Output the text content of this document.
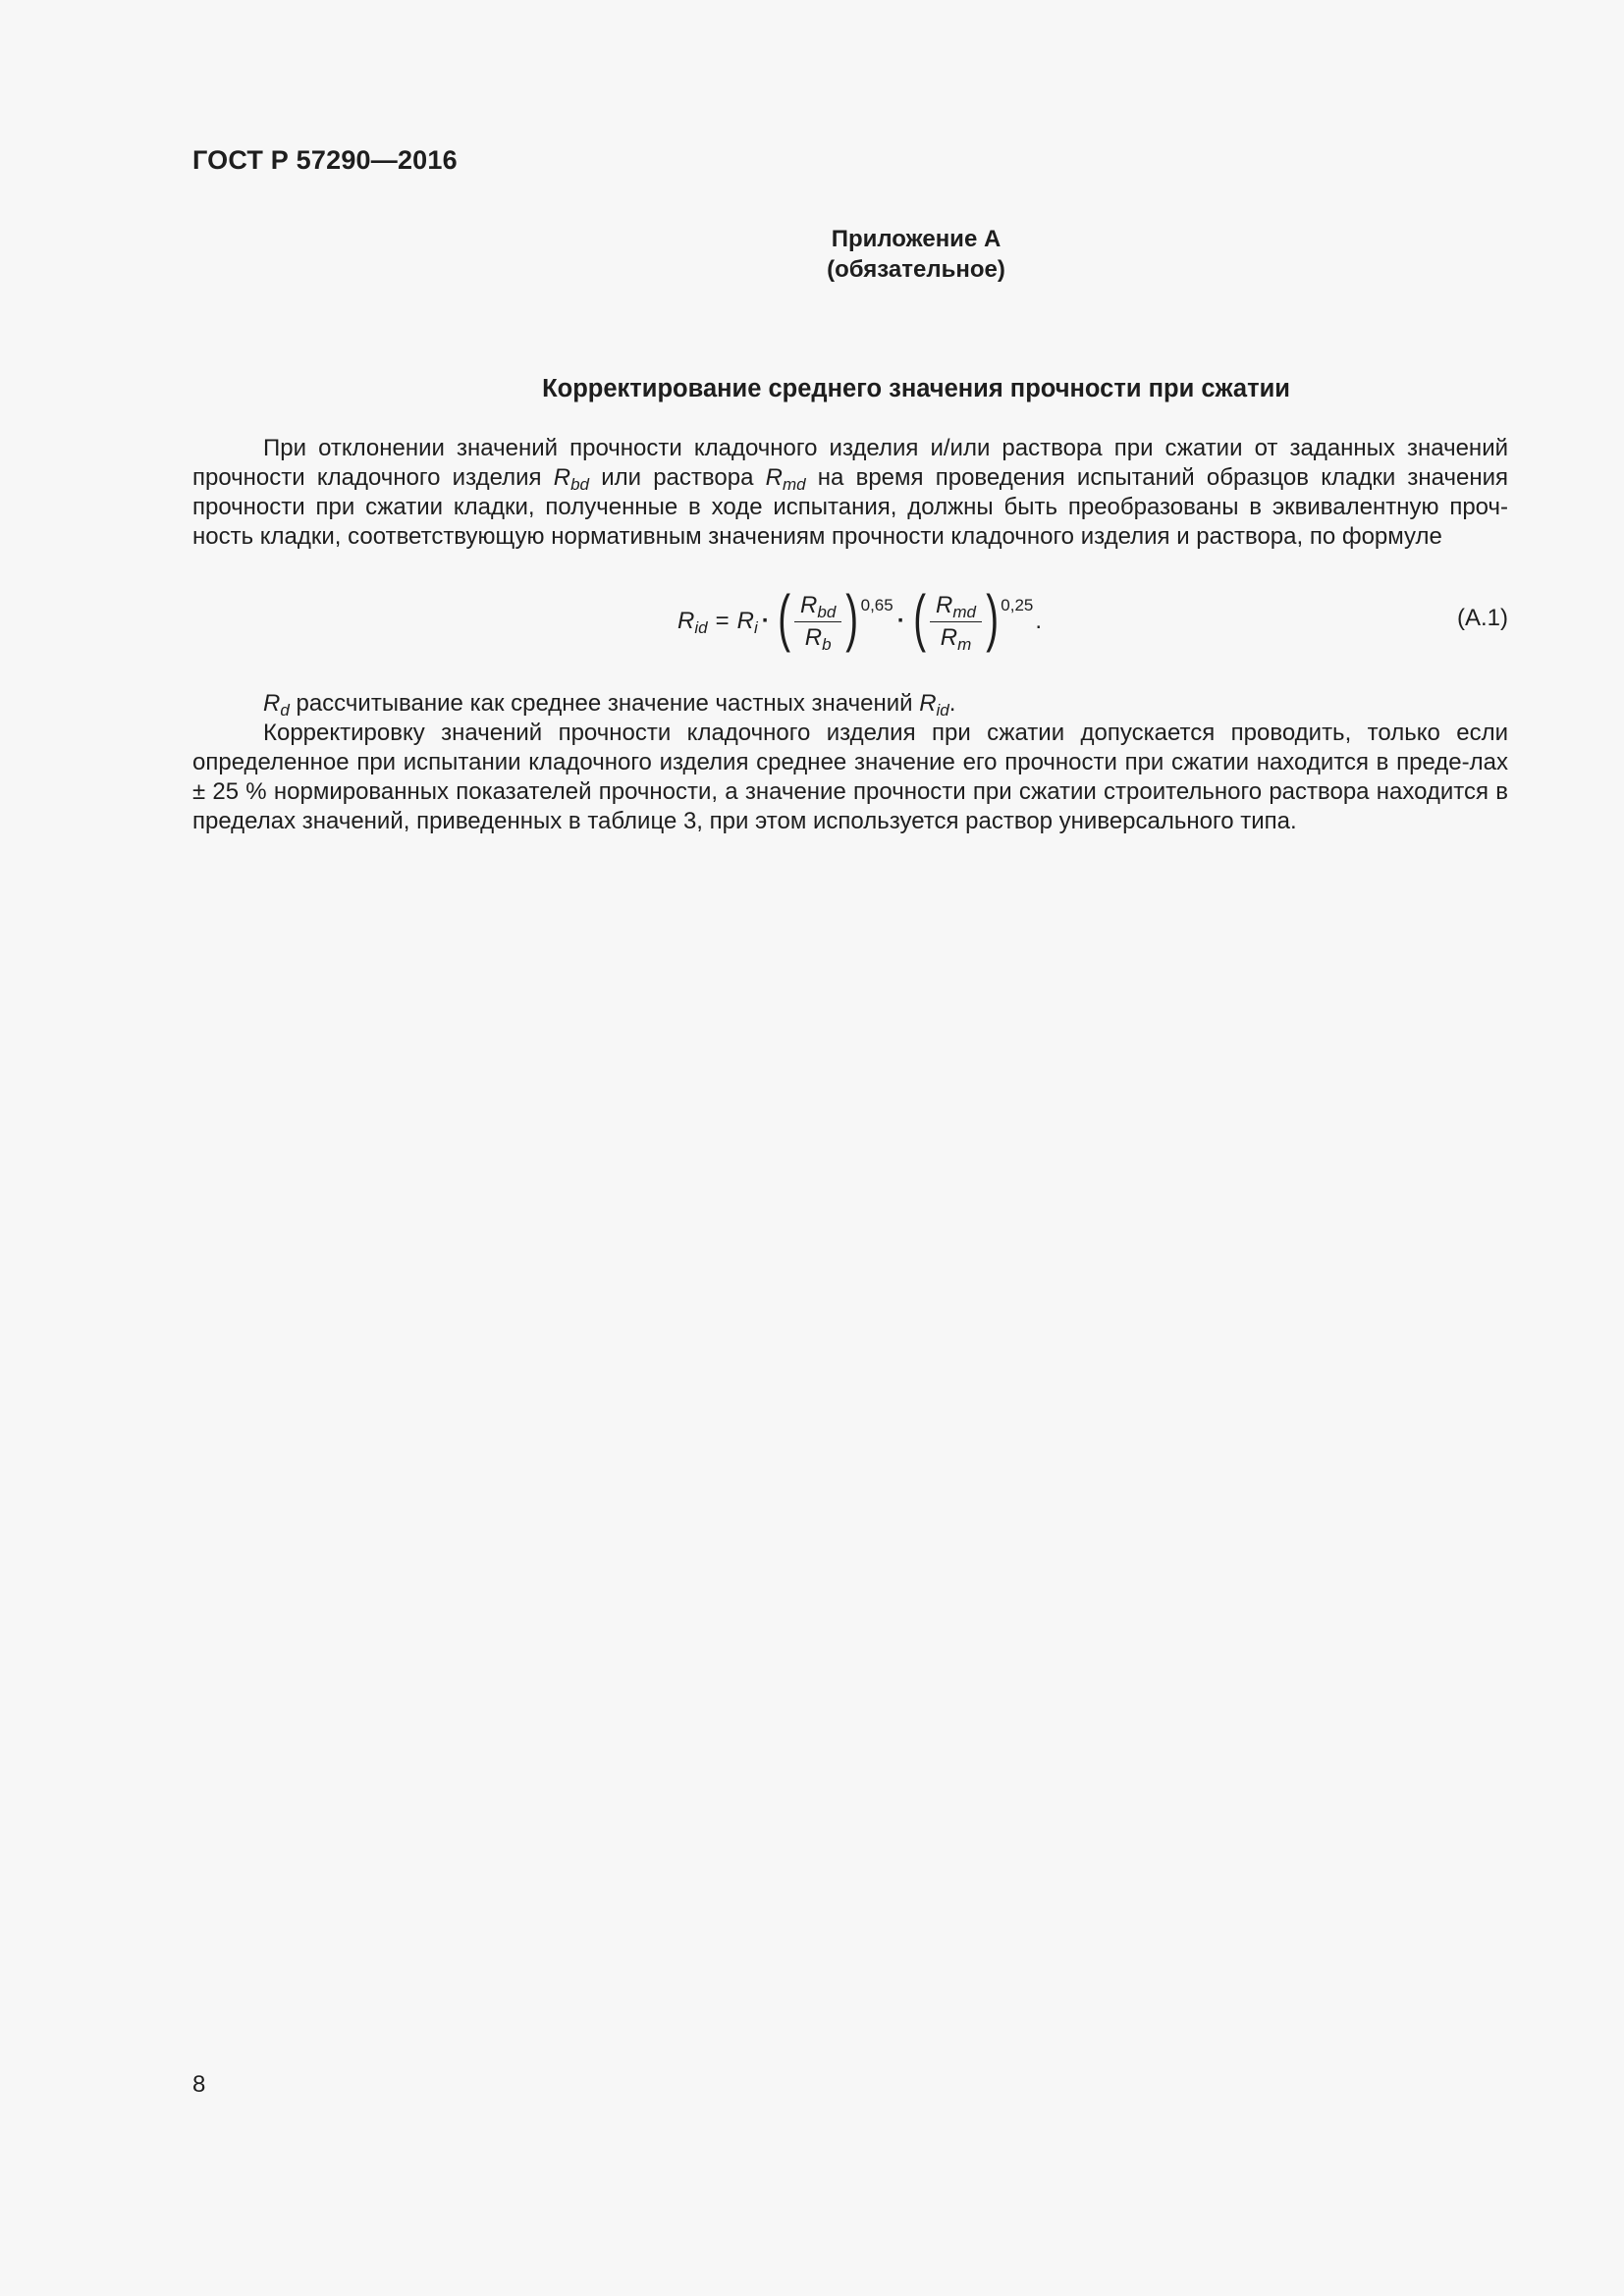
ГОСТ Р 57290—2016
Приложение А
(обязательное)
Корректирование среднего значения прочности при сжатии
При отклонении значений прочности кладочного изделия и/или раствора при сжатии от заданных значений прочности кладочного изделия $R_{bd}$ или раствора $R_{md}$ на время проведения испытаний образцов кладки значения прочности при сжатии кладки, полученные в ходе испытания, должны быть преобразованы в эквивалентную проч-ность кладки, соответствующую нормативным значениям прочности кладочного изделия и раствора, по формуле
$R_{id} = R_i$ · ( $\frac{R_{bd}}{R_b}$ ) 0,65
· ( $\frac{R_{md}}{R_m}$ ) 0,25
.	(А.1)
$R_d$ рассчитывание как среднее значение частных значений $R_{id}$.
Корректировку значений прочности кладочного изделия при сжатии допускается проводить, только если определенное при испытании кладочного изделия среднее значение его прочности при сжатии находится в преде-лах ± 25 % нормированных показателей прочности, а значение прочности при сжатии строительного раствора находится в пределах значений, приведенных в таблице 3, при этом используется раствор универсального типа.
8
